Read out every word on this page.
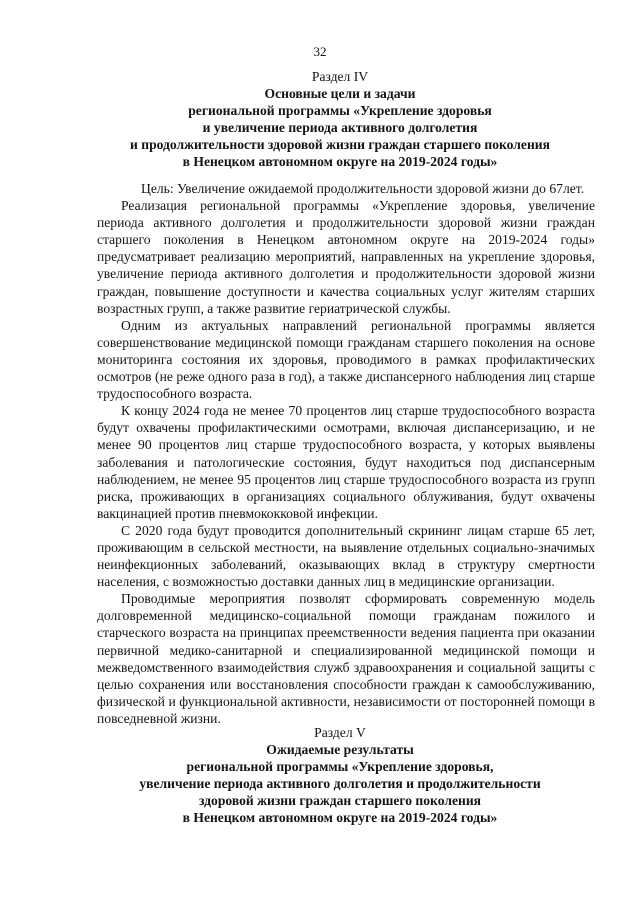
32
Раздел IV
Основные цели и задачи
региональной программы «Укрепление здоровья
и увеличение периода активного долголетия
и продолжительности здоровой жизни граждан старшего поколения
в Ненецком автономном округе на 2019-2024 годы»

Цель: Увеличение ожидаемой продолжительности здоровой жизни до 67лет.

Реализация региональной программы «Укрепление здоровья, увеличение периода активного долголетия и продолжительности здоровой жизни граждан старшего поколения в Ненецком автономном округе на 2019-2024 годы» предусматривает реализацию мероприятий, направленных на укрепление здоровья, увеличение периода активного долголетия и продолжительности здоровой жизни граждан, повышение доступности и качества социальных услуг жителям старших возрастных групп, а также развитие гериатрической службы.

Одним из актуальных направлений региональной программы является совершенствование медицинской помощи гражданам старшего поколения на основе мониторинга состояния их здоровья, проводимого в рамках профилактических осмотров (не реже одного раза в год), а также диспансерного наблюдения лиц старше трудоспособного возраста.

К концу 2024 года не менее 70 процентов лиц старше трудоспособного возраста будут охвачены профилактическими осмотрами, включая диспансеризацию, и не менее 90 процентов лиц старше трудоспособного возраста, у которых выявлены заболевания и патологические состояния, будут находиться под диспансерным наблюдением, не менее 95 процентов лиц старше трудоспособного возраста из групп риска, проживающих в организациях социального облуживания, будут охвачены вакцинацией против пневмококковой инфекции.

С 2020 года будут проводится дополнительный скрининг лицам старше 65 лет, проживающим в сельской местности, на выявление отдельных социально-значимых неинфекционных заболеваний, оказывающих вклад в структуру смертности населения, с возможностью доставки данных лиц в медицинские организации.

Проводимые мероприятия позволят сформировать современную модель долговременной медицинско-социальной помощи гражданам пожилого и старческого возраста на принципах преемственности ведения пациента при оказании первичной медико-санитарной и специализированной медицинской помощи и межведомственного взаимодействия служб здравоохранения и социальной защиты с целью сохранения или восстановления способности граждан к самообслуживанию, физической и функциональной активности, независимости от посторонней помощи в повседневной жизни.

Раздел V
Ожидаемые результаты
региональной программы «Укрепление здоровья,
увеличение периода активного долголетия и продолжительности
здоровой жизни граждан старшего поколения
в Ненецком автономном округе на 2019-2024 годы»
